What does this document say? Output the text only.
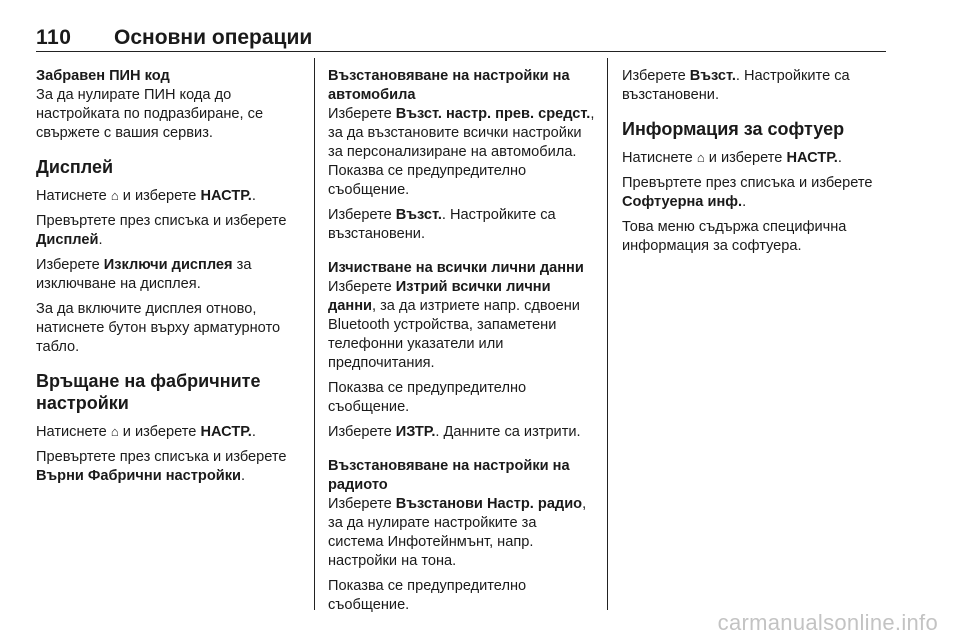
110 Основни операции

Забравен ПИН код

За да нулирате ПИН кода до настройката по подразбиране, се свържете с вашия сервиз.

Дисплей

Натиснете ⌂ и изберете НАСТР..

Превъртете през списъка и изберете Дисплей.

Изберете Изключи дисплея за изключване на дисплея.

За да включите дисплея отново, натиснете бутон върху арматурното табло.

Връщане на фабричните настройки

Натиснете ⌂ и изберете НАСТР..

Превъртете през списъка и изберете Върни Фабрични настройки.

Възстановяване на настройки на автомобила

Изберете Възст. настр. прев. средст., за да възстановите всички настройки за персонализиране на автомобила. Показва се предупредително съобщение.

Изберете Възст.. Настройките са възстановени.

Изчистване на всички лични данни

Изберете Изтрий всички лични данни, за да изтриете напр. сдвоени Bluetooth устройства, запаметени телефонни указатели или предпочитания.

Показва се предупредително съобщение.

Изберете ИЗТР.. Данните са изтрити.

Възстановяване на настройки на радиото

Изберете Възстанови Настр. радио, за да нулирате настройките за система Инфотейнмънт, напр. настройки на тона.

Показва се предупредително съобщение.

Изберете Възст.. Настройките са възстановени.

Информация за софтуер

Натиснете ⌂ и изберете НАСТР..

Превъртете през списъка и изберете Софтуерна инф..

Това меню съдържа специфична информация за софтуера.

carmanualsonline.info
